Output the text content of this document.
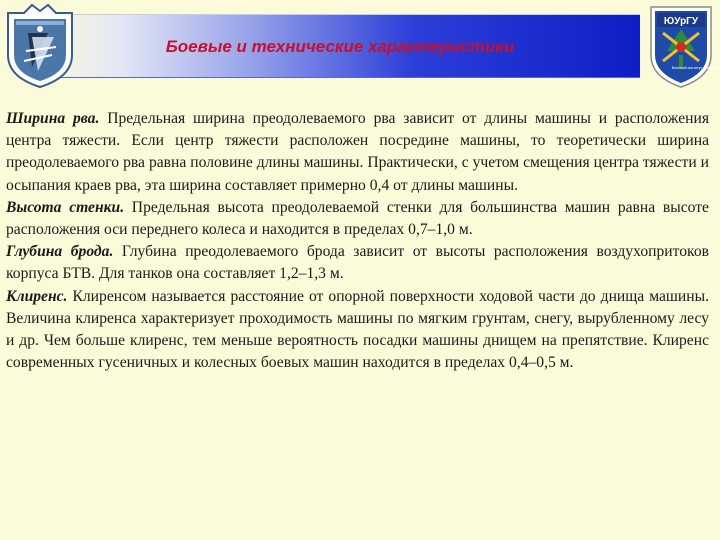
Боевые и технические характеристики
ЮУрГУ
Военный институт Кафедра

Ширина рва. Предельная ширина преодолеваемого рва зависит от длины машины и расположения центра тяжести. Если центр тяжести расположен посредине машины, то теоретически ширина преодолеваемого рва равна половине длины машины. Практически, с учетом смещения центра тяжести и осыпания краев рва, эта ширина составляет примерно 0,4 от длины машины.

Высота стенки. Предельная высота преодолеваемой стенки для большинства машин равна высоте расположения оси переднего колеса и находится в пределах 0,7–1,0 м.

Глубина брода. Глубина преодолеваемого брода зависит от высоты расположения воздухопритоков корпуса БТВ. Для танков она составляет 1,2–1,3 м.

Клиренс. Клиренсом называется расстояние от опорной поверхности ходовой части до днища машины. Величина клиренса характеризует проходимость машины по мягким грунтам, снегу, вырубленному лесу и др. Чем больше клиренс, тем меньше вероятность посадки машины днищем на препятствие. Клиренс современных гусеничных и колесных боевых машин находится в пределах 0,4–0,5 м.
